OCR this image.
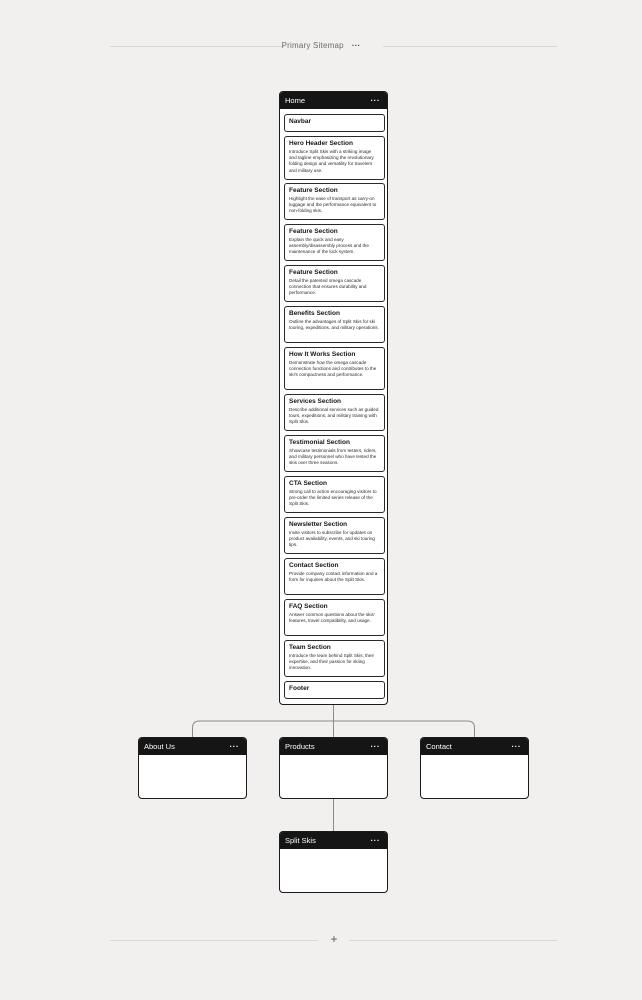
Primary Sitemap ···
Home	···
Navbar
Hero Header Section
Introduce Split Skis with a striking image and tagline emphasizing the revolutionary folding design and versatility for travelers and military use.
Feature Section
Highlight the ease of transport as carry-on luggage and the performance equivalent to non-folding skis.
Feature Section
Explain the quick and easy assembly/disassembly process and the maintenance of the lock system.
Feature Section
Detail the patented omega cascade connection that ensures durability and performance.
Benefits Section
Outline the advantages of Split Skis for ski touring, expeditions, and military operations.
How It Works Section
Demonstrate how the omega cascade connection functions and contributes to the ski's compactness and performance.
Services Section
Describe additional services such as guided tours, expeditions, and military training with Split Skis.
Testimonial Section
Showcase testimonials from testers, riders, and military personnel who have tested the skis over three seasons.
CTA Section
Strong call to action encouraging visitors to pre-order the limited series release of the Split Skis.
Newsletter Section
Invite visitors to subscribe for updates on product availability, events, and ski touring tips.
Contact Section
Provide company contact information and a form for inquiries about the Split Skis.
FAQ Section
Answer common questions about the skis' features, travel compatibility, and usage.
Team Section
Introduce the team behind Split Skis, their expertise, and their passion for skiing innovation.
Footer
About Us	···	Products	···	Contact	···
Split Skis	···
+
